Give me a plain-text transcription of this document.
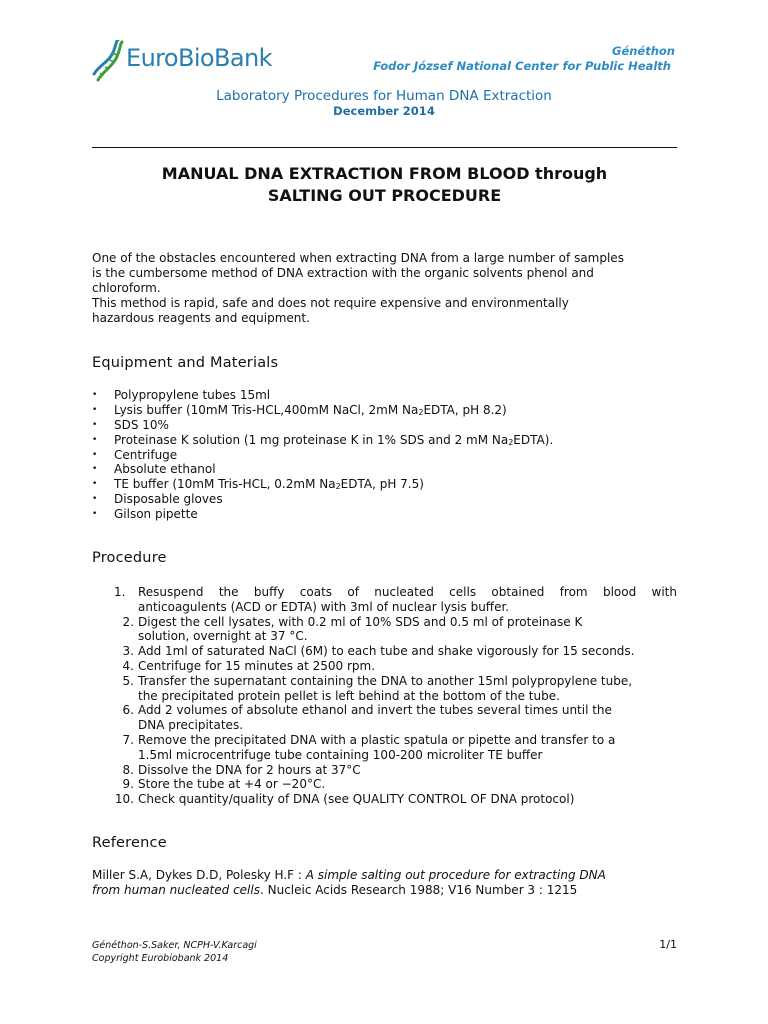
EuroBioBank	Généthon
Fodor József National Center for Public Health
Laboratory Procedures for Human DNA Extraction
December 2014
MANUAL DNA EXTRACTION FROM BLOOD through
SALTING OUT PROCEDURE
One of the obstacles encountered when extracting DNA from a large number of samples
is the cumbersome method of DNA extraction with the organic solvents phenol and
chloroform.
This method is rapid, safe and does not require expensive and environmentally
hazardous reagents and equipment.
Equipment and Materials
• Polypropylene tubes 15ml
• Lysis buffer (10mM Tris-HCL,400mM NaCl, 2mM $Na_2EDTA$, pH 8.2)
• SDS 10%
• Proteinase K solution (1 mg proteinase K in 1% SDS and 2 mM $Na_2EDTA$).
• Centrifuge
• Absolute ethanol
• TE buffer (10mM Tris-HCL, 0.2mM $Na_2EDTA$, pH 7.5)
• Disposable gloves
• Gilson pipette
Procedure
1.	Resuspend the buffy coats of nucleated cells obtained from blood with
anticoagulents (ACD or EDTA) with 3ml of nuclear lysis buffer.
2. Digest the cell lysates, with 0.2 ml of 10% SDS and 0.5 ml of proteinase K
solution, overnight at 37 °C.
3. Add 1ml of saturated NaCl (6M) to each tube and shake vigorously for 15 seconds.
4. Centrifuge for 15 minutes at 2500 rpm.
5. Transfer the supernatant containing the DNA to another 15ml polypropylene tube,
the precipitated protein pellet is left behind at the bottom of the tube.
6. Add 2 volumes of absolute ethanol and invert the tubes several times until the
DNA precipitates.
7. Remove the precipitated DNA with a plastic spatula or pipette and transfer to a
1.5ml microcentrifuge tube containing 100-200 microliter TE buffer
8. Dissolve the DNA for 2 hours at 37°C
9. Store the tube at +4 or −20°C.
10. Check quantity/quality of DNA (see QUALITY CONTROL OF DNA protocol)
Reference
Miller S.A, Dykes D.D, Polesky H.F : A simple salting out procedure for extracting DNA
from human nucleated cells. Nucleic Acids Research 1988; V16 Number 3 : 1215
Généthon-S.Saker, NCPH-V.Karcagi
Copyright Eurobiobank 2014
1/1
